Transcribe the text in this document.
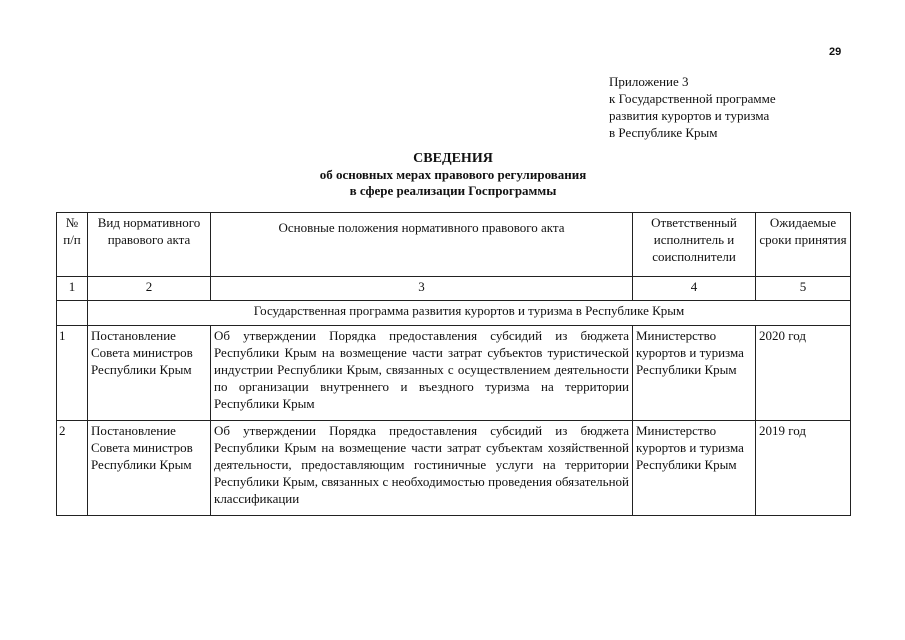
29
Приложение 3
к Государственной программе
развития курортов и туризма
в Республике Крым
СВЕДЕНИЯ
об основных мерах правового регулирования
в сфере реализации Госпрограммы
№ п/п	Вид нормативного правового акта	Основные положения нормативного правового акта	Ответственный исполнитель и соисполнители	Ожидаемые сроки принятия
1	2	3	4	5
	Государственная программа развития курортов и туризма в Республике Крым			
1	Постановление Совета министров Республики Крым	Об утверждении Порядка предоставления субсидий из бюджета Республики Крым на возмещение части затрат субъектов туристической индустрии Республики Крым, связанных с осуществлением деятельности по организации внутреннего и въездного туризма на территории Республики Крым	Министерство курортов и туризма Республики Крым	2020 год
2	Постановление Совета министров Республики Крым	Об утверждении Порядка предоставления субсидий из бюджета Республики Крым на возмещение части затрат субъектам хозяйственной деятельности, предоставляющим гостиничные услуги на территории Республики Крым, связанных с необходимостью проведения обязательной классификации	Министерство курортов и туризма Республики Крым	2019 год
